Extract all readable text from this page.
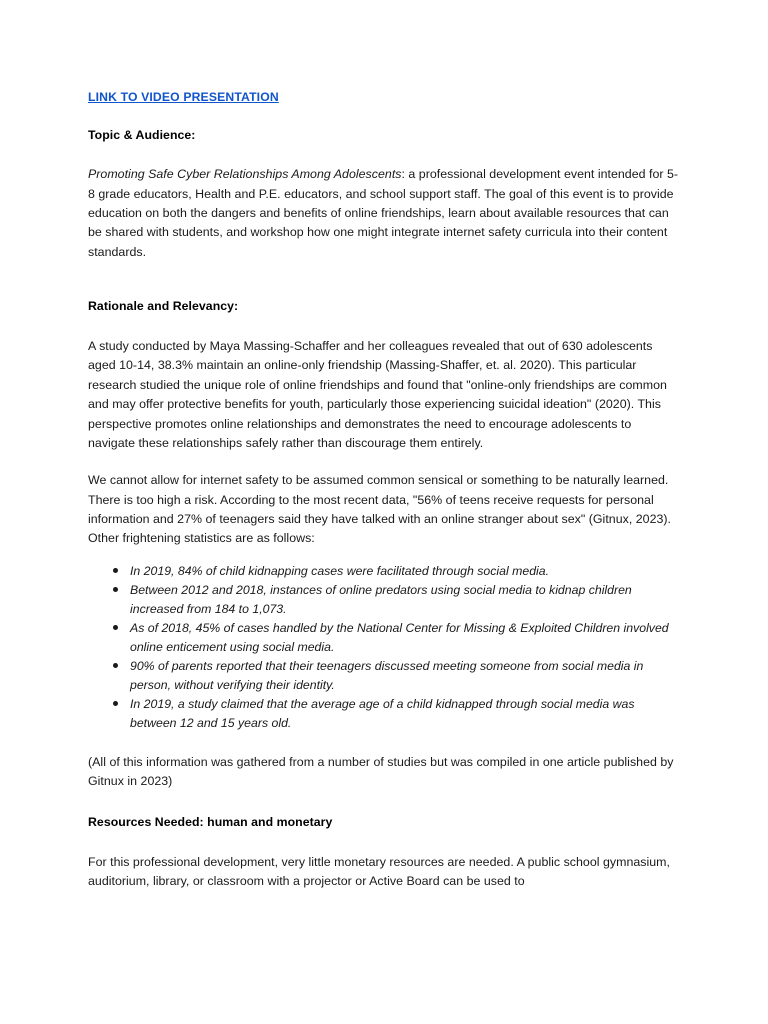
LINK TO VIDEO PRESENTATION
Topic & Audience:
Promoting Safe Cyber Relationships Among Adolescents: a professional development event intended for 5-8 grade educators, Health and P.E. educators, and school support staff. The goal of this event is to provide education on both the dangers and benefits of online friendships, learn about available resources that can be shared with students, and workshop how one might integrate internet safety curricula into their content standards.
Rationale and Relevancy:
A study conducted by Maya Massing-Schaffer and her colleagues revealed that out of 630 adolescents aged 10-14, 38.3% maintain an online-only friendship (Massing-Shaffer, et. al. 2020). This particular research studied the unique role of online friendships and found that "online-only friendships are common and may offer protective benefits for youth, particularly those experiencing suicidal ideation" (2020). This perspective promotes online relationships and demonstrates the need to encourage adolescents to navigate these relationships safely rather than discourage them entirely.
We cannot allow for internet safety to be assumed common sensical or something to be naturally learned. There is too high a risk. According to the most recent data, "56% of teens receive requests for personal information and 27% of teenagers said they have talked with an online stranger about sex" (Gitnux, 2023). Other frightening statistics are as follows:
In 2019, 84% of child kidnapping cases were facilitated through social media.
Between 2012 and 2018, instances of online predators using social media to kidnap children increased from 184 to 1,073.
As of 2018, 45% of cases handled by the National Center for Missing & Exploited Children involved online enticement using social media.
90% of parents reported that their teenagers discussed meeting someone from social media in person, without verifying their identity.
In 2019, a study claimed that the average age of a child kidnapped through social media was between 12 and 15 years old.
(All of this information was gathered from a number of studies but was compiled in one article published by Gitnux in 2023)
Resources Needed: human and monetary
For this professional development, very little monetary resources are needed. A public school gymnasium, auditorium, library, or classroom with a projector or Active Board can be used to
